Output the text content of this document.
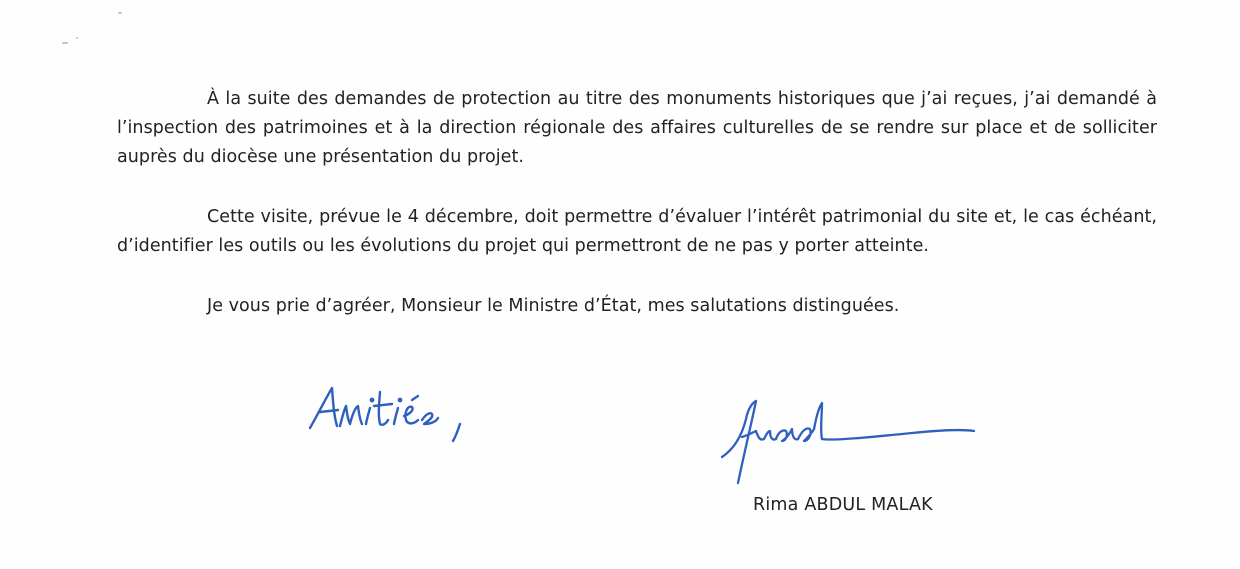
À la suite des demandes de protection au titre des monuments historiques que j’ai reçues, j’ai demandé à l’inspection des patrimoines et à la direction régionale des affaires culturelles de se rendre sur place et de solliciter auprès du diocèse une présentation du projet.

Cette visite, prévue le 4 décembre, doit permettre d’évaluer l’intérêt patrimonial du site et, le cas échéant, d’identifier les outils ou les évolutions du projet qui permettront de ne pas y porter atteinte.

Je vous prie d’agréer, Monsieur le Ministre d’État, mes salutations distinguées.

Rima ABDUL MALAK
